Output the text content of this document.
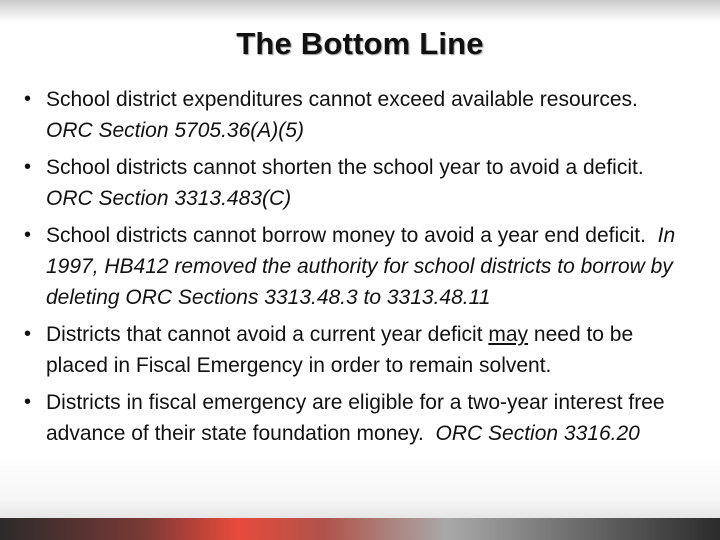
The Bottom Line
• School district expenditures cannot exceed available resources.  ORC Section 5705.36(A)(5)
• School districts cannot shorten the school year to avoid a deficit.  ORC Section 3313.483(C)
• School districts cannot borrow money to avoid a year end deficit. In 1997, HB412 removed the authority for school districts to borrow by deleting ORC Sections 3313.48.3 to 3313.48.11
• Districts that cannot avoid a current year deficit may need to be placed in Fiscal Emergency in order to remain solvent.
• Districts in fiscal emergency are eligible for a two-year interest free advance of their state foundation money. ORC Section 3316.20
